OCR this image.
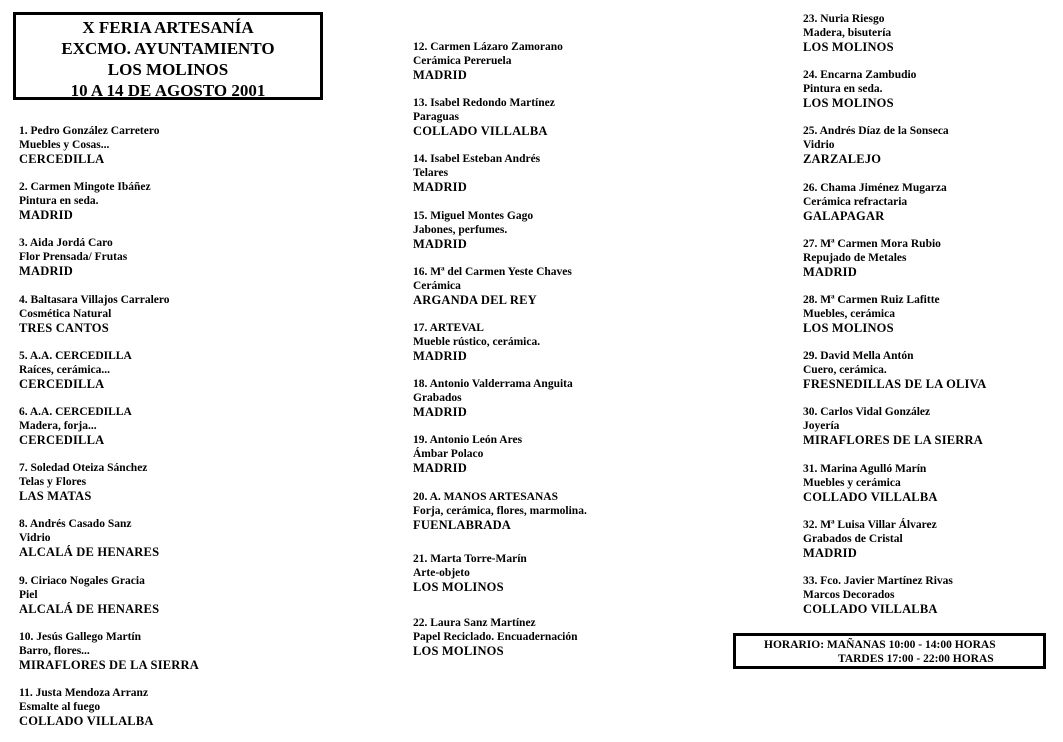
X FERIA ARTESANÍA
EXCMO. AYUNTAMIENTO
LOS MOLINOS
10 A 14 DE AGOSTO 2001
1. Pedro González Carretero
Muebles y Cosas...
CERCEDILLA
2. Carmen Mingote Ibáñez
Pintura en seda.
MADRID
3. Aida Jordá Caro
Flor Prensada/ Frutas
MADRID
4. Baltasara Villajos Carralero
Cosmética Natural
TRES CANTOS
5. A.A. CERCEDILLA
Raíces, cerámica...
CERCEDILLA
6. A.A. CERCEDILLA
Madera, forja...
CERCEDILLA
7. Soledad Oteiza Sánchez
Telas y Flores
LAS MATAS
8. Andrés Casado Sanz
Vidrio
ALCALÁ DE HENARES
9. Ciriaco Nogales Gracia
Piel
ALCALÁ DE HENARES
10. Jesús Gallego Martín
Barro, flores...
MIRAFLORES DE LA SIERRA
11. Justa Mendoza Arranz
Esmalte al fuego
COLLADO VILLALBA
12. Carmen Lázaro Zamorano
Cerámica Pereruela
MADRID
13. Isabel Redondo Martínez
Paraguas
COLLADO VILLALBA
14. Isabel Esteban Andrés
Telares
MADRID
15. Miguel Montes Gago
Jabones, perfumes.
MADRID
16. Mª del Carmen Yeste Chaves
Cerámica
ARGANDA DEL REY
17. ARTEVAL
Mueble rústico, cerámica.
MADRID
18. Antonio Valderrama Anguita
Grabados
MADRID
19. Antonio León Ares
Ámbar Polaco
MADRID
20. A. MANOS ARTESANAS
Forja, cerámica, flores, marmolina.
FUENLABRADA
21. Marta Torre-Marín
Arte-objeto
LOS MOLINOS
22. Laura Sanz Martínez
Papel Reciclado. Encuadernación
LOS MOLINOS
23. Nuria Riesgo
Madera, bisutería
LOS MOLINOS
24. Encarna Zambudio
Pintura en seda.
LOS MOLINOS
25. Andrés Díaz de la Sonseca
Vidrio
ZARZALEJO
26. Chama Jiménez Mugarza
Cerámica refractaria
GALAPAGAR
27. Mª Carmen Mora Rubio
Repujado de Metales
MADRID
28. Mª Carmen Ruiz Lafitte
Muebles, cerámica
LOS MOLINOS
29. David Mella Antón
Cuero, cerámica.
FRESNEDILLAS DE LA OLIVA
30. Carlos Vidal González
Joyería
MIRAFLORES DE LA SIERRA
31. Marina Agulló Marín
Muebles y cerámica
COLLADO VILLALBA
32. Mª Luisa Villar Álvarez
Grabados de Cristal
MADRID
33. Fco. Javier Martínez Rivas
Marcos Decorados
COLLADO VILLALBA
HORARIO: MAÑANAS 10:00 - 14:00 HORAS
TARDES 17:00 - 22:00 HORAS
